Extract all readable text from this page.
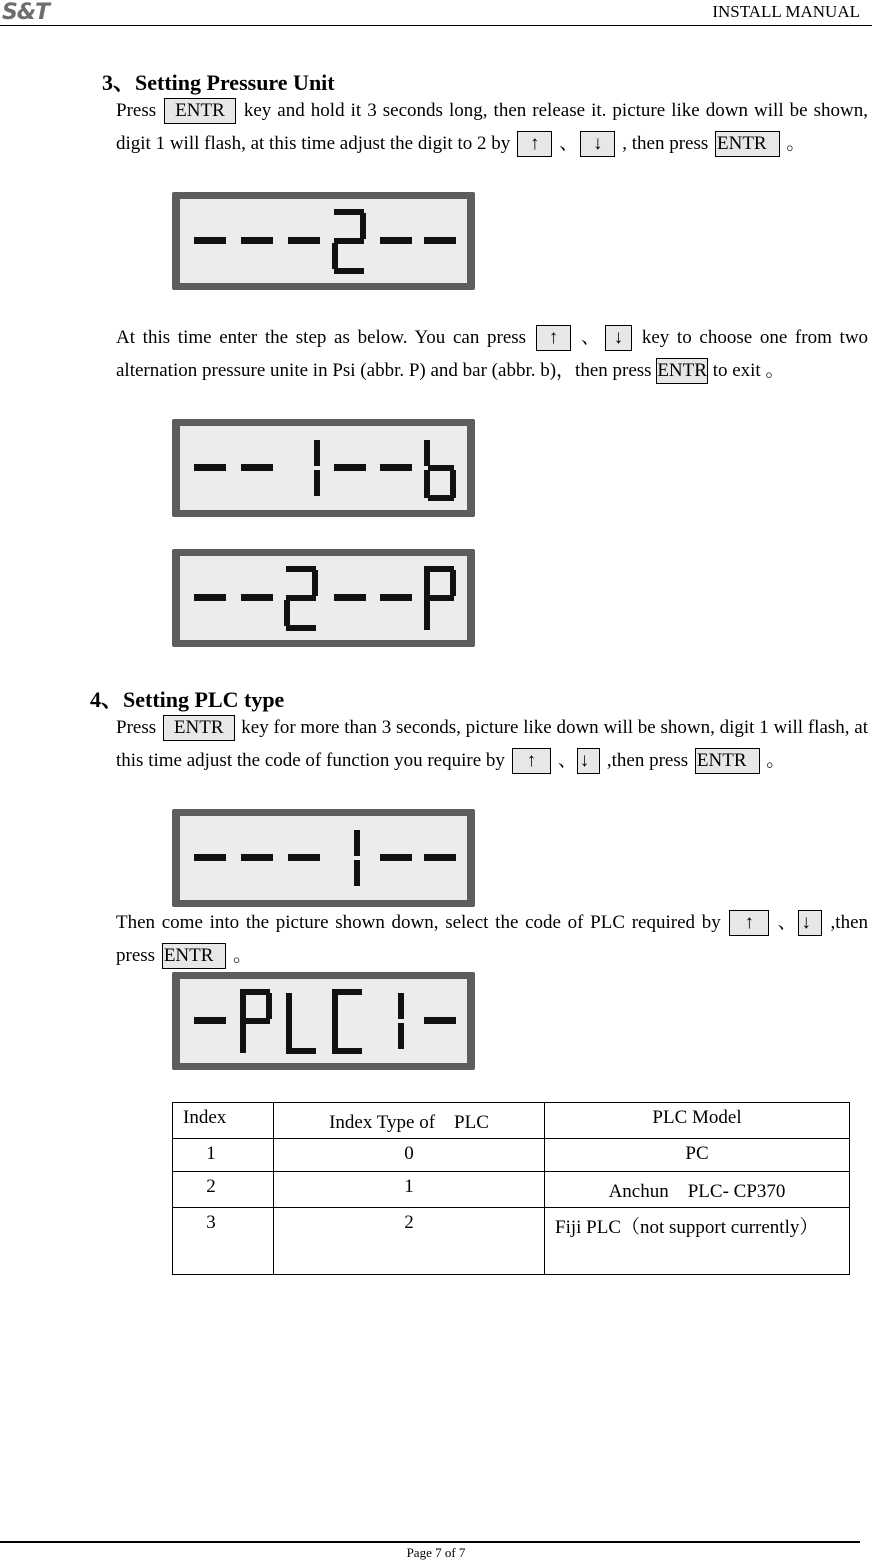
S&T	INSTALL MANUAL
3、Setting Pressure Unit
Press ENTR key and hold it 3 seconds long, then release it. picture like down will be shown, digit 1 will flash, at this time adjust the digit to 2 by ↑ 、 ↓ , then press ENTR 。
At this time enter the step as below. You can press ↑ 、 ↓ key to choose one from two alternation pressure unite in Psi (abbr. P) and bar (abbr. b)，then press ENTR to exit 。
4、Setting PLC type
Press ENTR key for more than 3 seconds, picture like down will be shown, digit 1 will flash, at this time adjust the code of function you require by ↑ 、 ↓ ,then press ENTR 。
Then come into the picture shown down, select the code of PLC required by ↑ 、 ↓ ,then press ENTR 。
Index	Index Type of　PLC	PLC Model
1	0	PC
2	1	Anchun　PLC- CP370
3	2	Fiji PLC（not support currently）
Page 7 of 7
